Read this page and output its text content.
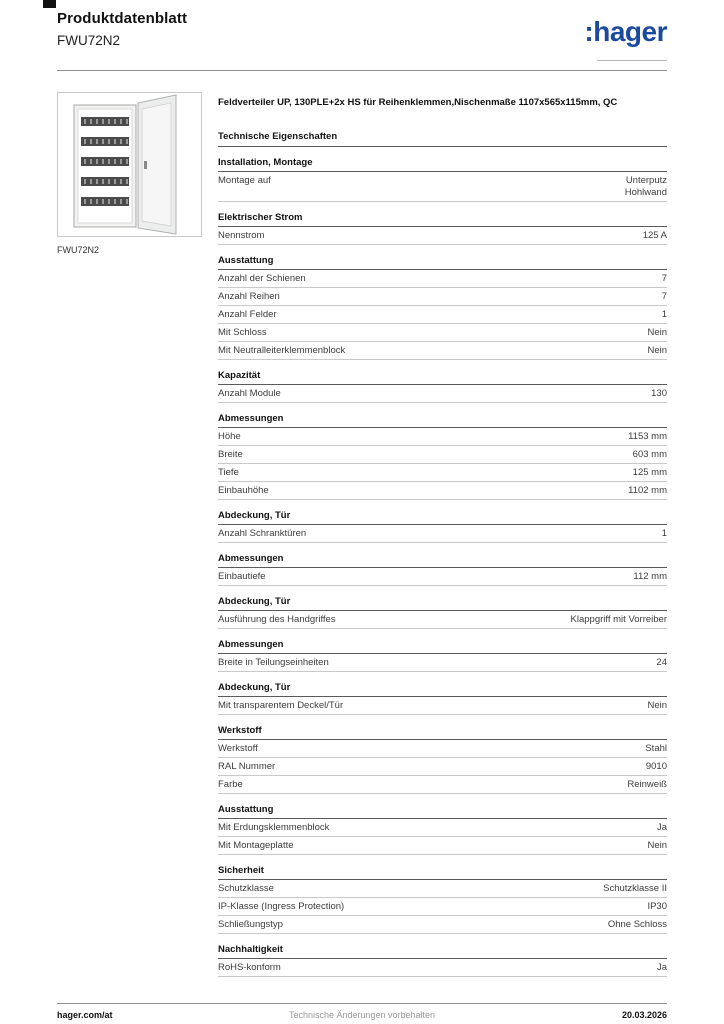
Produktdatenblatt
FWU72N2	:hager
FWU72N2
Feldverteiler UP, 130PLE+2x HS für Reihenklemmen,Nischenmaße 1107x565x115mm, QC
Technische Eigenschaften
Installation, Montage
Montage auf	Unterputz
Hohlwand
Elektrischer Strom
Nennstrom	125 A
Ausstattung
Anzahl der Schienen	7
Anzahl Reihen	7
Anzahl Felder	1
Mit Schloss	Nein
Mit Neutralleiterklemmenblock	Nein
Kapazität
Anzahl Module	130
Abmessungen
Höhe	1153 mm
Breite	603 mm
Tiefe	125 mm
Einbauhöhe	1102 mm
Abdeckung, Tür
Anzahl Schranktüren	1
Abmessungen
Einbautiefe	112 mm
Abdeckung, Tür
Ausführung des Handgriffes	Klappgriff mit Vorreiber
Abmessungen
Breite in Teilungseinheiten	24
Abdeckung, Tür
Mit transparentem Deckel/Tür	Nein
Werkstoff
Werkstoff	Stahl
RAL Nummer	9010
Farbe	Reinweiß
Ausstattung
Mit Erdungsklemmenblock	Ja
Mit Montageplatte	Nein
Sicherheit
Schutzklasse	Schutzklasse II
IP-Klasse (Ingress Protection)	IP30
Schließungstyp	Ohne Schloss
Nachhaltigkeit
RoHS-konform	Ja
hager.com/at	Technische Änderungen vorbehalten	20.03.2026
